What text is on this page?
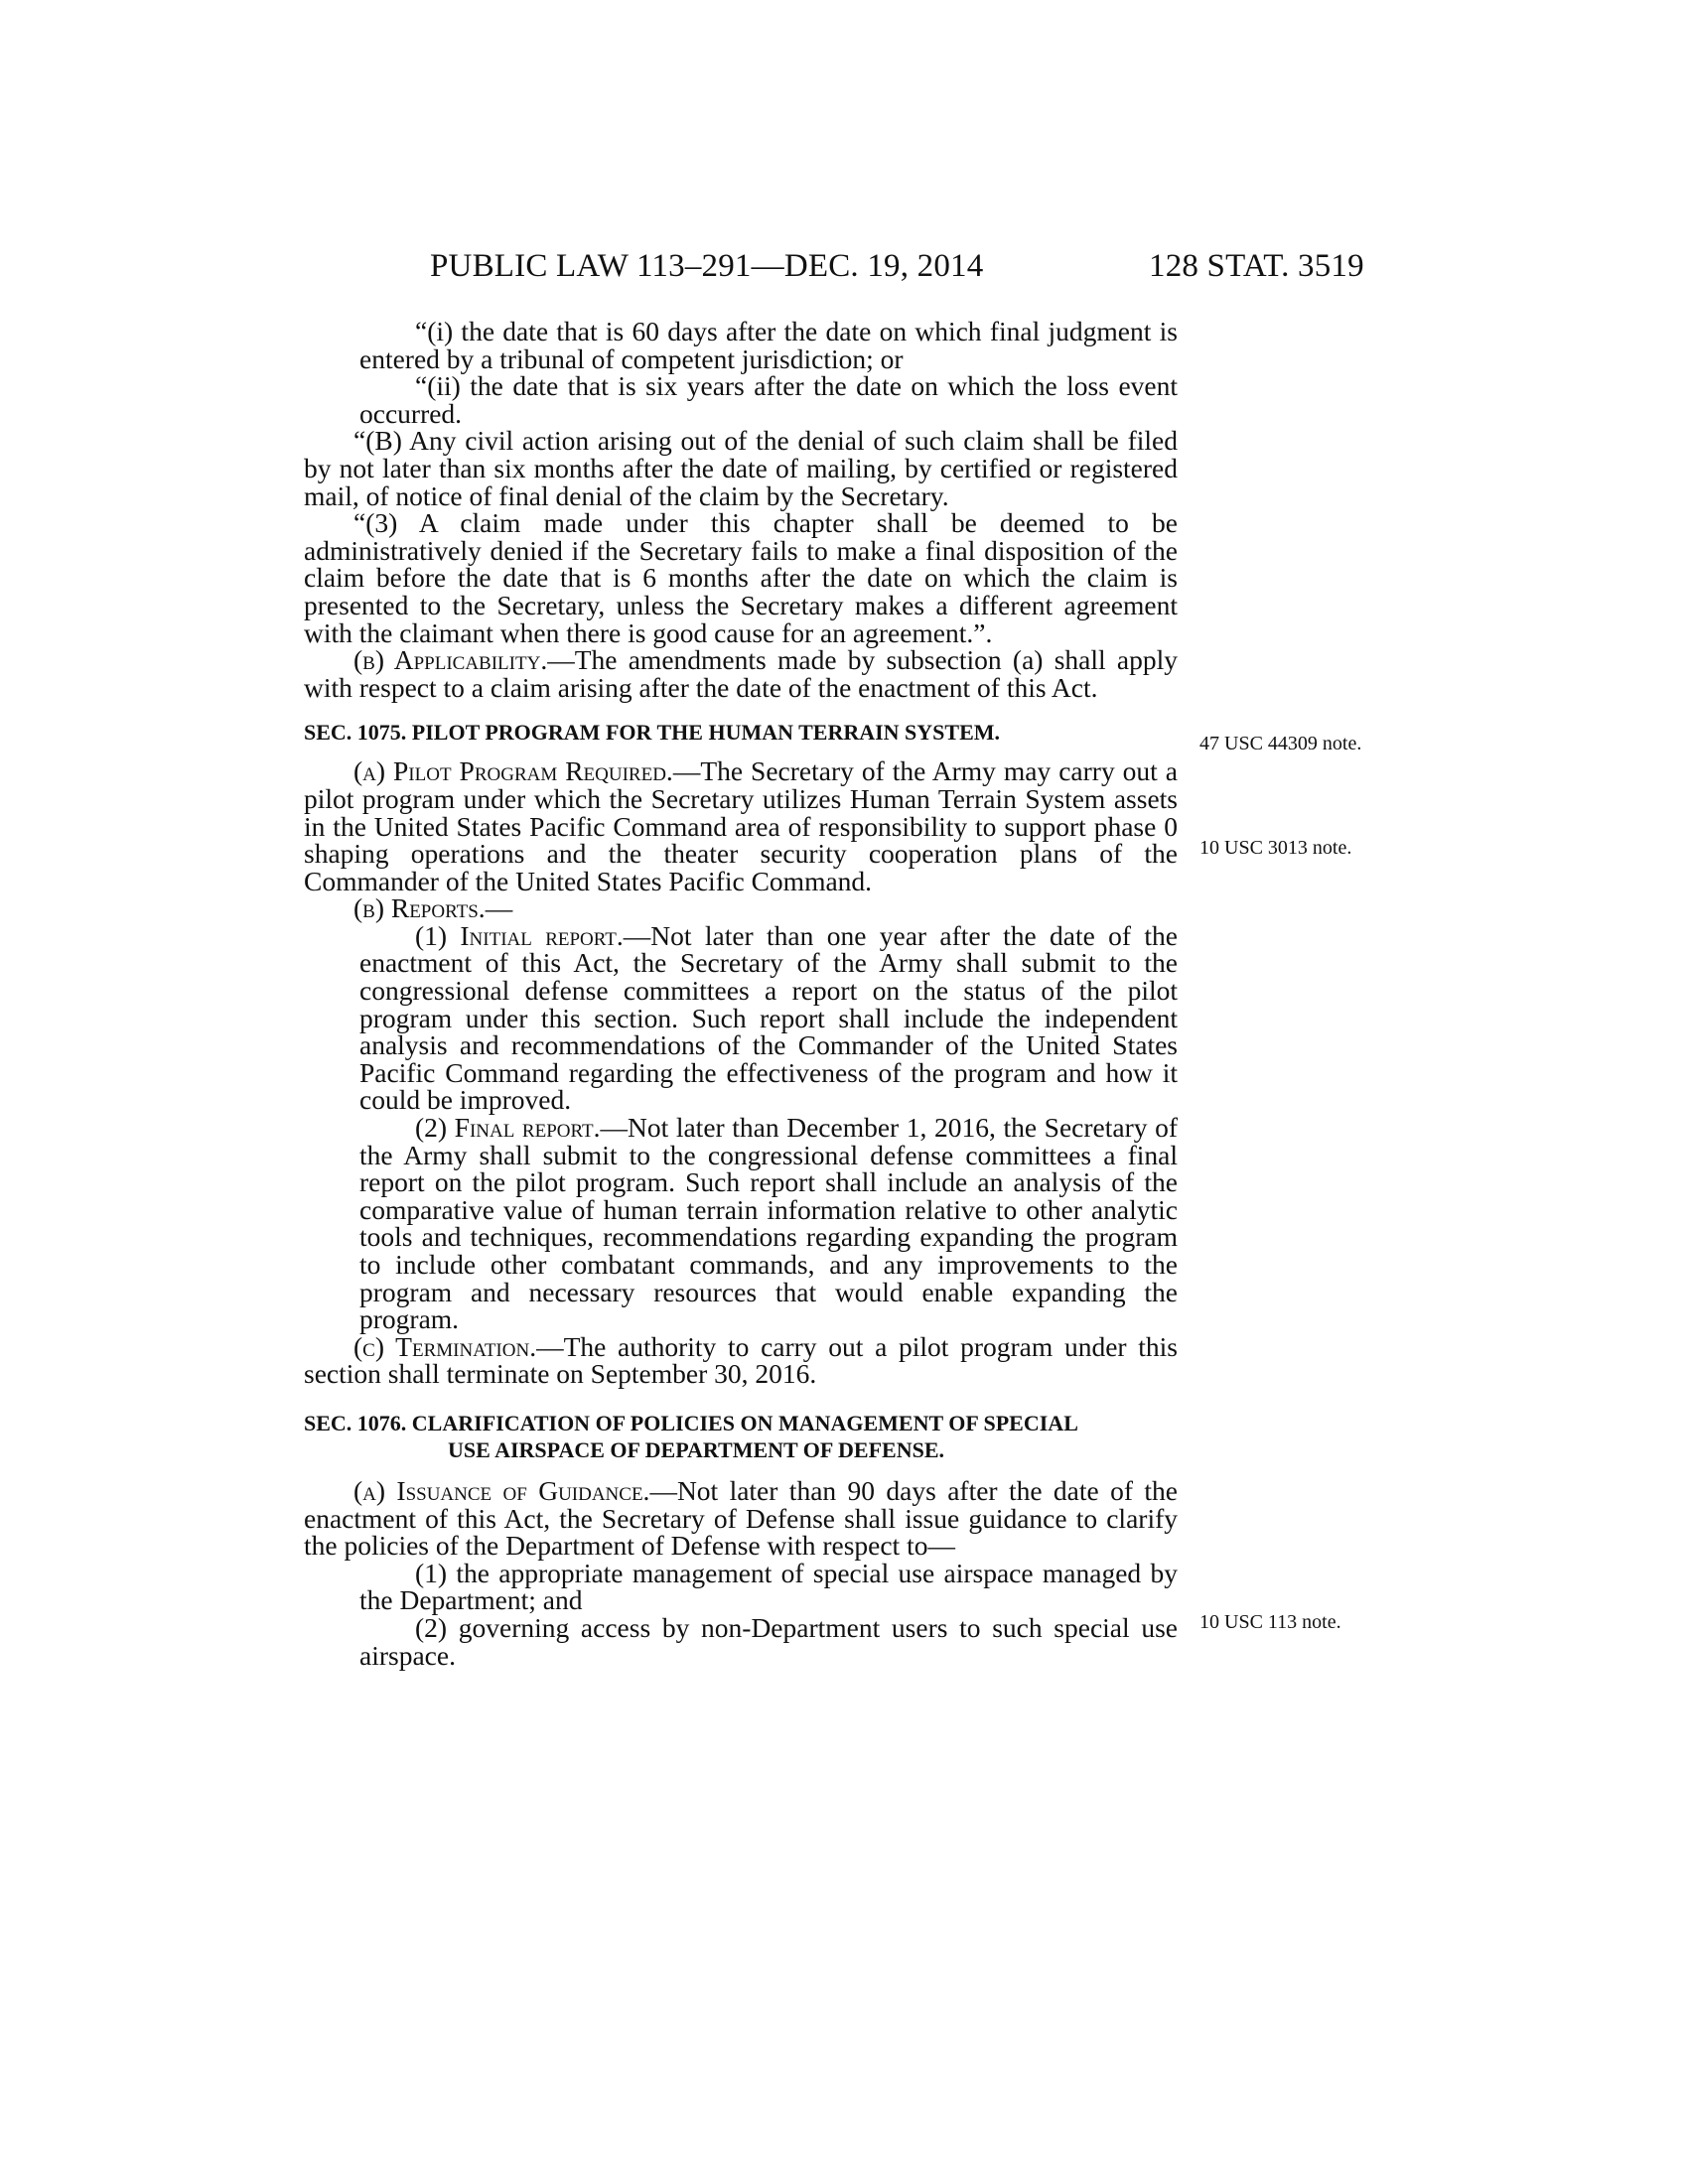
PUBLIC LAW 113–291—DEC. 19, 2014	128 STAT. 3519

“(i) the date that is 60 days after the date on which final judgment is entered by a tribunal of competent jurisdiction; or

“(ii) the date that is six years after the date on which the loss event occurred.

“(B) Any civil action arising out of the denial of such claim shall be filed by not later than six months after the date of mailing, by certified or registered mail, of notice of final denial of the claim by the Secretary.

“(3) A claim made under this chapter shall be deemed to be administratively denied if the Secretary fails to make a final disposition of the claim before the date that is 6 months after the date on which the claim is presented to the Secretary, unless the Secretary makes a different agreement with the claimant when there is good cause for an agreement.”.

(b) Applicability.—The amendments made by subsection (a) shall apply with respect to a claim arising after the date of the enactment of this Act.

SEC. 1075. PILOT PROGRAM FOR THE HUMAN TERRAIN SYSTEM.

(a) Pilot Program Required.—The Secretary of the Army may carry out a pilot program under which the Secretary utilizes Human Terrain System assets in the United States Pacific Command area of responsibility to support phase 0 shaping operations and the theater security cooperation plans of the Commander of the United States Pacific Command.

(b) Reports.—

(1) Initial report.—Not later than one year after the date of the enactment of this Act, the Secretary of the Army shall submit to the congressional defense committees a report on the status of the pilot program under this section. Such report shall include the independent analysis and recommendations of the Commander of the United States Pacific Command regarding the effectiveness of the program and how it could be improved.

(2) Final report.—Not later than December 1, 2016, the Secretary of the Army shall submit to the congressional defense committees a final report on the pilot program. Such report shall include an analysis of the comparative value of human terrain information relative to other analytic tools and techniques, recommendations regarding expanding the program to include other combatant commands, and any improvements to the program and necessary resources that would enable expanding the program.

(c) Termination.—The authority to carry out a pilot program under this section shall terminate on September 30, 2016.

SEC. 1076. CLARIFICATION OF POLICIES ON MANAGEMENT OF SPECIAL
USE AIRSPACE OF DEPARTMENT OF DEFENSE.

(a) Issuance of Guidance.—Not later than 90 days after the date of the enactment of this Act, the Secretary of Defense shall issue guidance to clarify the policies of the Department of Defense with respect to—

(1) the appropriate management of special use airspace managed by the Department; and

(2) governing access by non-Department users to such special use airspace.

47 USC 44309 note.
10 USC 3013 note.
10 USC 113 note.
